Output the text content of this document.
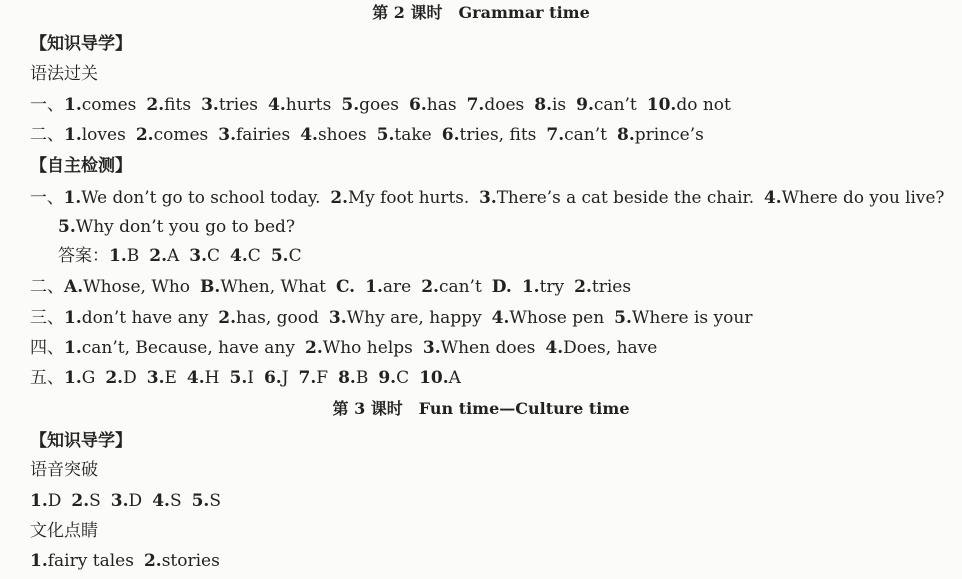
第 2 课时　Grammar time
【知识导学】
语法过关
一、1.comes 2.fits 3.tries 4.hurts 5.goes 6.has 7.does 8.is 9.can’t 10.do not
二、1.loves 2.comes 3.fairies 4.shoes 5.take 6.tries, fits 7.can’t 8.prince’s
【自主检测】
一、1.We don’t go to school today. 2.My foot hurts. 3.There’s a cat beside the chair. 4.Where do you live?
5.Why don’t you go to bed?
答案：1.B 2.A 3.C 4.C 5.C
二、A.Whose, Who B.When, What C. 1.are 2.can’t D. 1.try 2.tries
三、1.don’t have any 2.has, good 3.Why are, happy 4.Whose pen 5.Where is your
四、1.can’t, Because, have any 2.Who helps 3.When does 4.Does, have
五、1.G 2.D 3.E 4.H 5.I 6.J 7.F 8.B 9.C 10.A
第 3 课时　Fun time—Culture time
【知识导学】
语音突破
1.D 2.S 3.D 4.S 5.S
文化点睛
1.fairy tales 2.stories
